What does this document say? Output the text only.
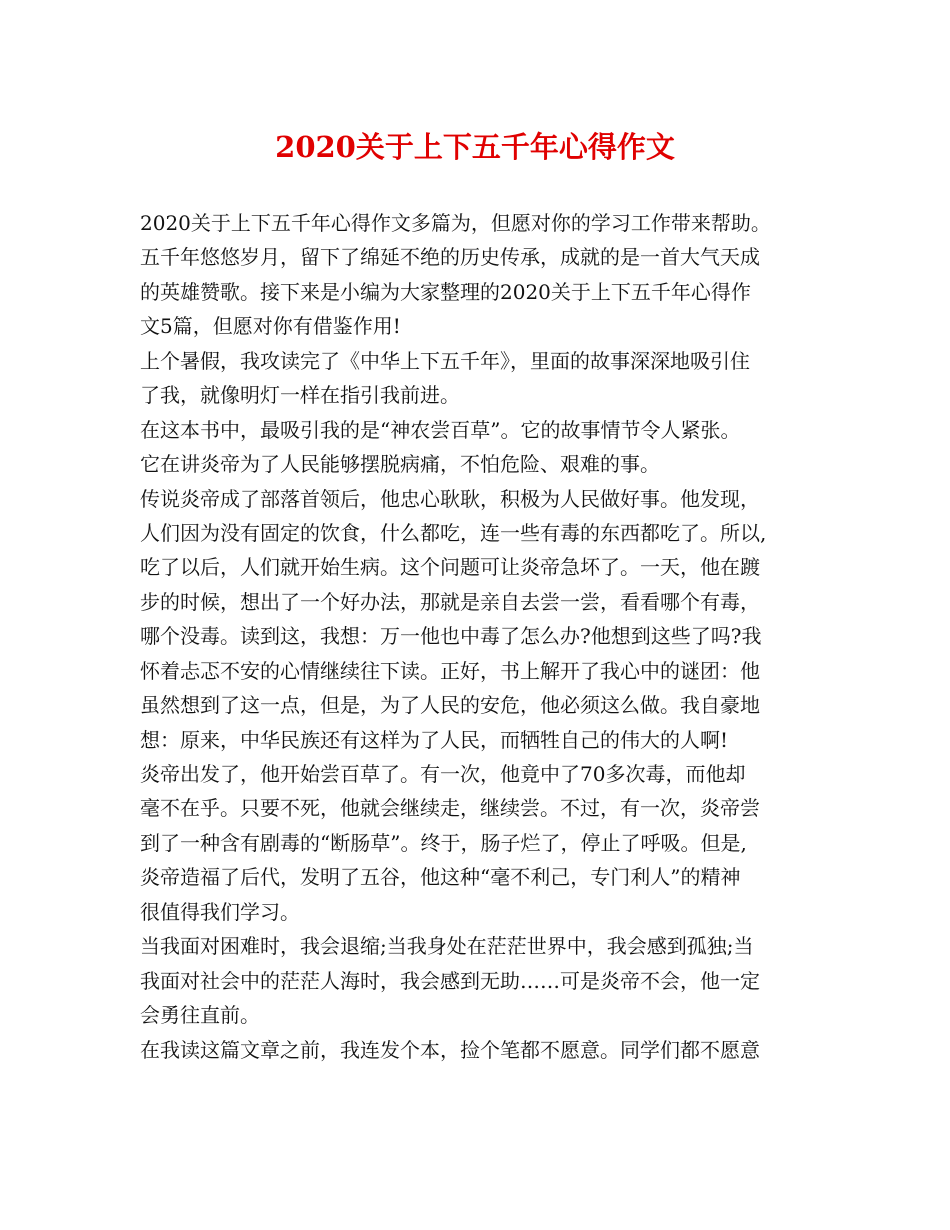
2020关于上下五千年心得作文
2020关于上下五千年心得作文多篇为，但愿对你的学习工作带来帮助。
五千年悠悠岁月，留下了绵延不绝的历史传承，成就的是一首大气天成
的英雄赞歌。接下来是小编为大家整理的2020关于上下五千年心得作
文5篇，但愿对你有借鉴作用!
上个暑假，我攻读完了《中华上下五千年》，里面的故事深深地吸引住
了我，就像明灯一样在指引我前进。
在这本书中，最吸引我的是“神农尝百草”。它的故事情节令人紧张。
它在讲炎帝为了人民能够摆脱病痛，不怕危险、艰难的事。
传说炎帝成了部落首领后，他忠心耿耿，积极为人民做好事。他发现，
人们因为没有固定的饮食，什么都吃，连一些有毒的东西都吃了。所以,
吃了以后，人们就开始生病。这个问题可让炎帝急坏了。一天，他在踱
步的时候，想出了一个好办法，那就是亲自去尝一尝，看看哪个有毒，
哪个没毒。读到这，我想：万一他也中毒了怎么办?他想到这些了吗?我
怀着忐忑不安的心情继续往下读。正好，书上解开了我心中的谜团：他
虽然想到了这一点，但是，为了人民的安危，他必须这么做。我自豪地
想：原来，中华民族还有这样为了人民，而牺牲自己的伟大的人啊!
炎帝出发了，他开始尝百草了。有一次，他竟中了70多次毒，而他却
毫不在乎。只要不死，他就会继续走，继续尝。不过，有一次，炎帝尝
到了一种含有剧毒的“断肠草”。终于，肠子烂了，停止了呼吸。但是,
炎帝造福了后代，发明了五谷，他这种“毫不利己，专门利人”的精神
很值得我们学习。
当我面对困难时，我会退缩;当我身处在茫茫世界中，我会感到孤独;当
我面对社会中的茫茫人海时，我会感到无助……可是炎帝不会，他一定
会勇往直前。
在我读这篇文章之前，我连发个本，捡个笔都不愿意。同学们都不愿意
